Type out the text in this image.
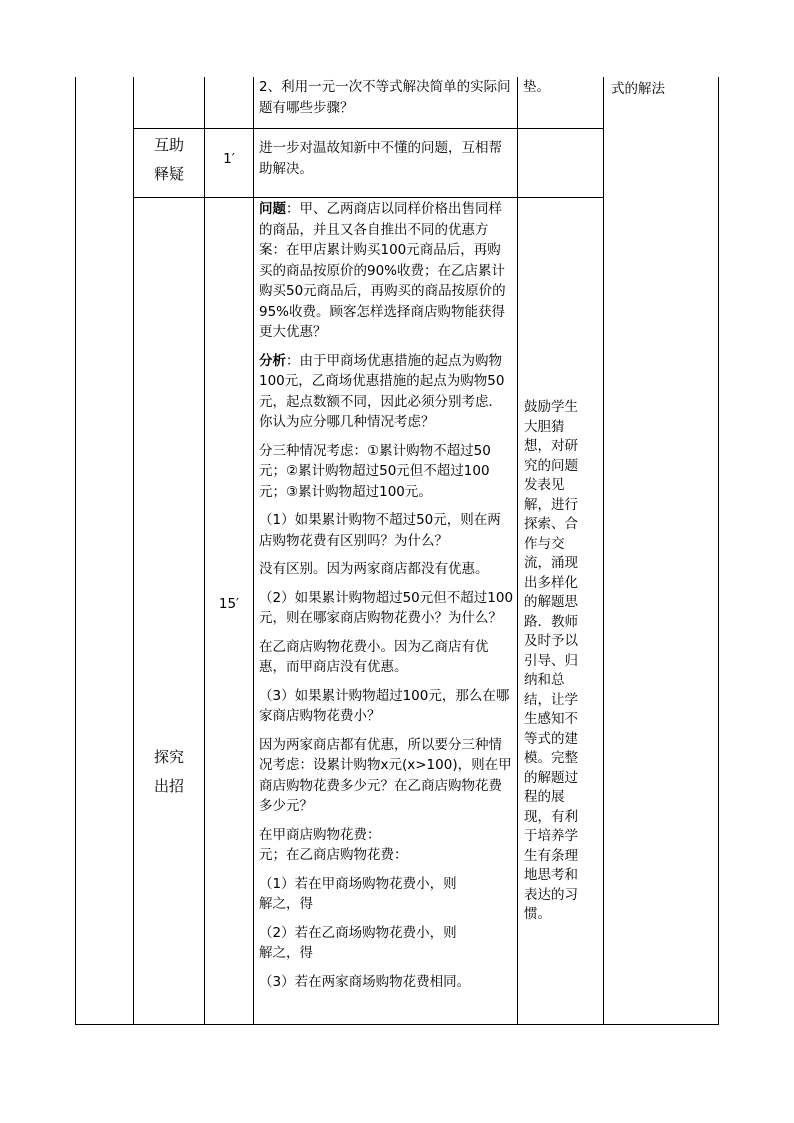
2、利用一元一次不等式解决简单的实际问题有哪些步骤？

垫。	式的解法
互助
释疑
1′

进一步对温故知新中不懂的问题，互相帮助解决。

探究
出招
15′

问题：甲、乙两商店以同样价格出售同样的商品，并且又各自推出不同的优惠方案：在甲店累计购买100元商品后，再购买的商品按原价的90%收费；在乙店累计购买50元商品后，再购买的商品按原价的95%收费。顾客怎样选择商店购物能获得更大优惠？

分析：由于甲商场优惠措施的起点为购物100元，乙商场优惠措施的起点为购物50元，起点数额不同，因此必须分别考虑．你认为应分哪几种情况考虑？

分三种情况考虑：①累计购物不超过50元；②累计购物超过50元但不超过100元；③累计购物超过100元。

（1）如果累计购物不超过50元，则在两店购物花费有区别吗？为什么？

没有区别。因为两家商店都没有优惠。

（2）如果累计购物超过50元但不超过100元，则在哪家商店购物花费小？为什么？

在乙商店购物花费小。因为乙商店有优惠，而甲商店没有优惠。

（3）如果累计购物超过100元，那么在哪家商店购物花费小？

因为两家商店都有优惠，所以要分三种情况考虑：设累计购物x元(x>100)，则在甲商店购物花费多少元？在乙商店购物花费多少元？

在甲商店购物花费：
元；在乙商店购物花费：

（1）若在甲商场购物花费小，则
解之，得

（2）若在乙商场购物花费小，则
解之，得

（3）若在两家商场购物花费相同。

鼓励学生
大胆猜
想，对研
究的问题
发表见
解，进行
探索、合
作与交
流，涌现
出多样化
的解题思
路．教师
及时予以
引导、归
纳和总
结，让学
生感知不
等式的建
模。完整
的解题过
程的展
现，有利
于培养学
生有条理
地思考和
表达的习
惯。
